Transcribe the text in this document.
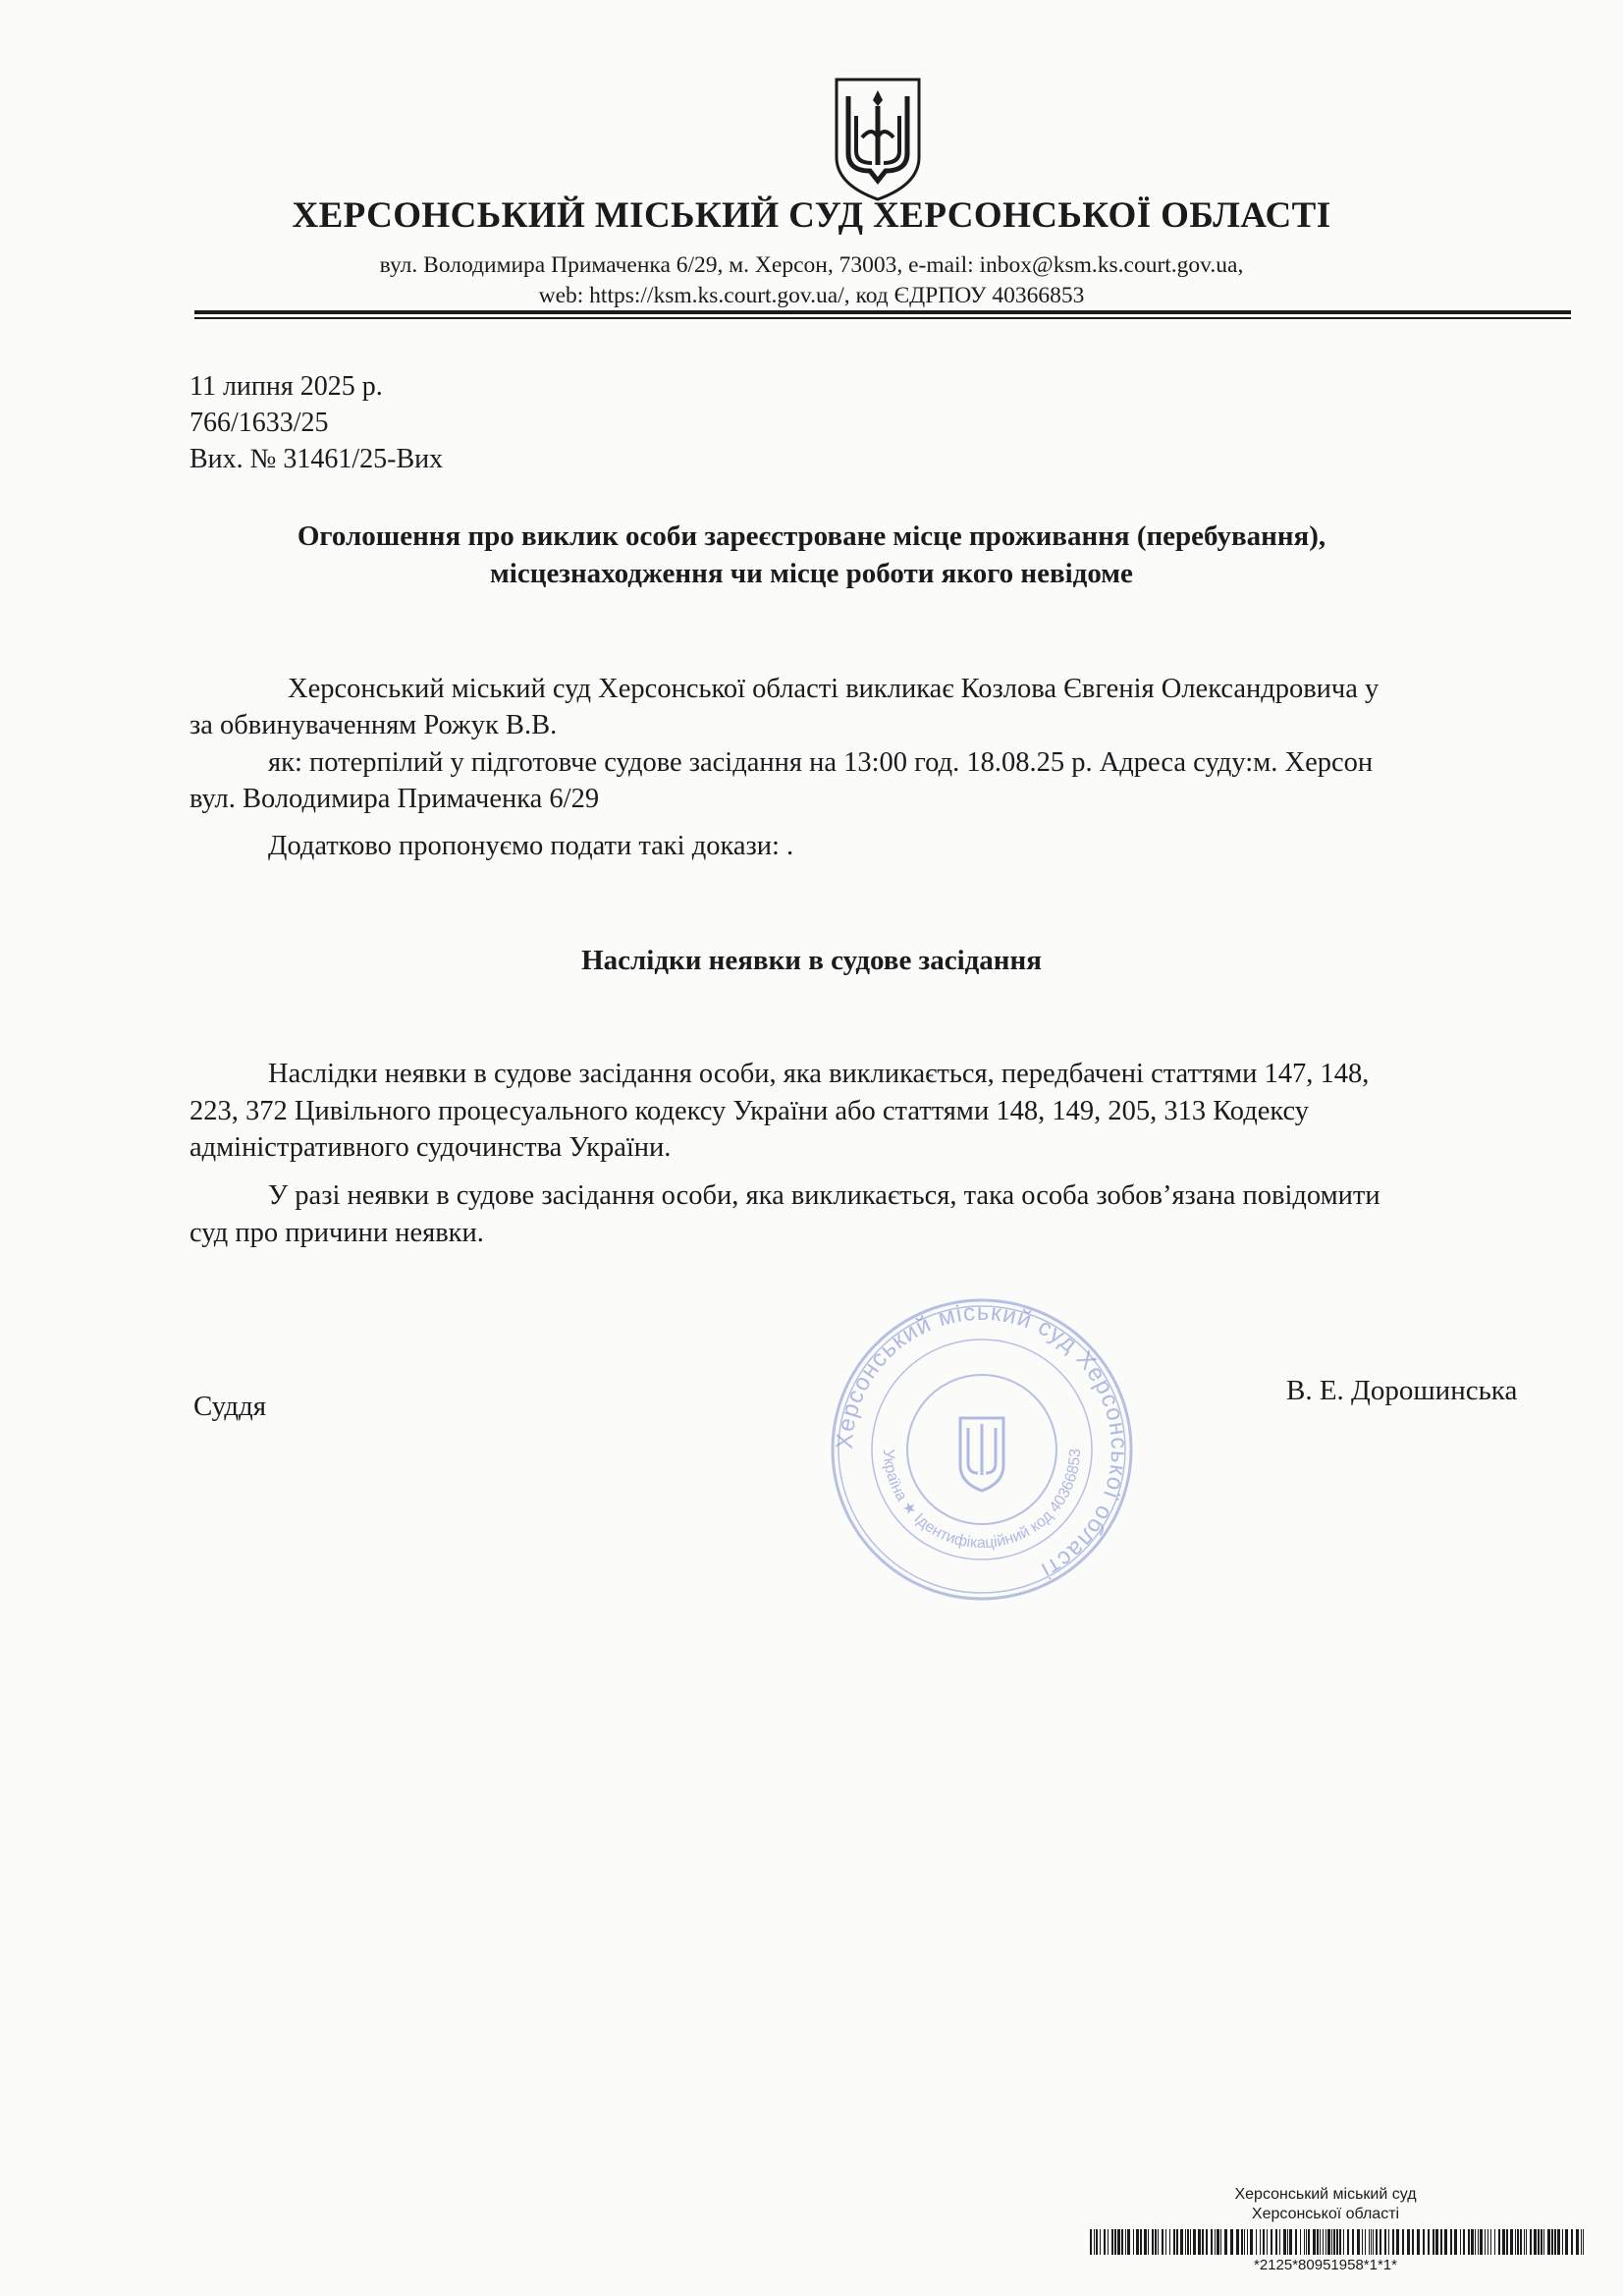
ХЕРСОНСЬКИЙ МІСЬКИЙ СУД ХЕРСОНСЬКОЇ ОБЛАСТІ
вул. Володимира Примачeнка 6/29, м. Херсон, 73003, e-mail: inbox@ksm.ks.court.gov.ua,
web: https://ksm.ks.court.gov.ua/, код ЄДРПОУ 40366853
11 липня 2025 р.
766/1633/25
Вих. № 31461/25-Вих
Оголошення про виклик особи зареєстроване місце проживання (перебування),
місцезнаходження чи місце роботи якого невідоме
Херсонський міський суд Херсонської області викликає Козлова Євгенія Олександровича у
за обвинуваченням Рожук В.В.
як: потерпілий у підготовче судове засідання на 13:00 год. 18.08.25 р. Адреса суду:м. Херсон
вул. Володимира Примаченка 6/29
Додатково пропонуємо подати такі докази: .
Наслідки неявки в судове засідання
Наслідки неявки в судове засідання особи, яка викликається, передбачені статтями 147, 148,
223, 372 Цивільного процесуального кодексу України або статтями 148, 149, 205, 313 Кодексу
адміністративного судочинства України.
У разі неявки в судове засідання особи, яка викликається, така особа зобов’язана повідомити
суд про причини неявки.
Суддя	В. Е. Дорошинська
Херсонський міський суд Херсонської області
Україна ★ Ідентифікаційний код 40366853
Херсонський міський суд
Херсонської області
*2125*80951958*1*1*
